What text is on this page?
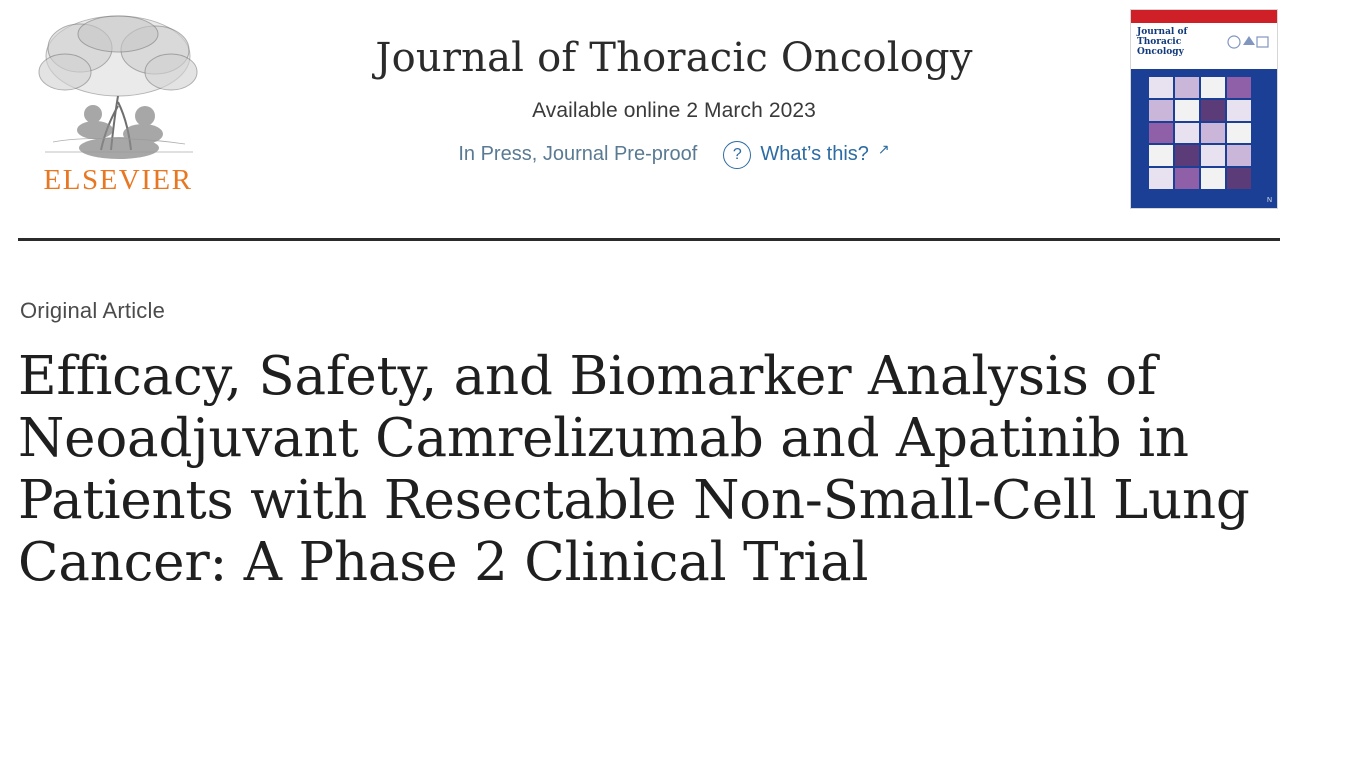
ELSEVIER
Journal of Thoracic Oncology
Available online 2 March 2023
In Press, Journal Pre-proof	? What’s this? ↗
Journal of
Thoracic
Oncology
N
Original Article
Efficacy, Safety, and Biomarker Analysis of Neoadjuvant Camrelizumab and Apatinib in Patients with Resectable Non-Small-Cell Lung Cancer: A Phase 2 Clinical Trial
